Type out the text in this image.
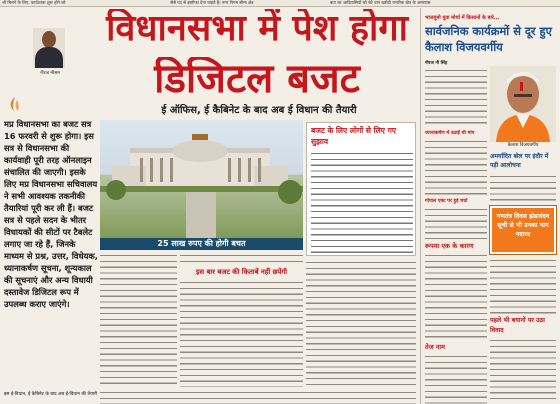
भी मिलने के लिए, कार्यशाला शुरू होने को	जैसे पद से इस्तीफा देना चाहते हैं। नगर निगम सीमा क्षेत्र	बात का आदिवासियों को बेटे धान खरीदी नागरिक खेत के आसपास
नीरज मौसम
विधानसभा में पेश होगा
डिजिटल बजट
ई ऑफिस, ई कैबिनेट के बाद अब ई विधान की तैयारी
मप्र विधानसभा का बजट सत्र 16 फरवरी से शुरू होगा। इस सत्र से विधानसभा की कार्यवाही पूरी तरह ऑनलाइन संचालित की जाएगी। इसके लिए मप्र विधानसभा सचिवालय ने सभी आवश्यक तकनीकी तैयारियां पूरी कर ली हैं। बजट सत्र से पहले सदन के भीतर विधायकों की सीटों पर टैबलेट लगाए जा रहे हैं, जिनके माध्यम से प्रश्न, उत्तर, विधेयक, ध्यानाकर्षण सूचना, शून्यकाल की सूचनाएं और अन्य विधायी दस्तावेज डिजिटल रूप में उपलब्ध कराए जाएंगे।
25 लाख रुपए की होगी बचत
इस बार बजट की किताबें नहीं छपेंगी
बजट के लिए लोगों से लिए गए सुझाव
इस ई-विधान, ई कैबिनेट के बाद अब ई-विधान की तैयारी
भाजयुमो युवा मोर्चा में किसानों के बारे...
सार्वजनिक कार्यक्रमों से दूर हुए कैलाश विजयवर्गीय
नीरज नौ सिंह
कैलाश विजयवर्गीय
ध्यानाकर्षण में उठाई थी मांग
अमर्यादित बोल पर इंदौर में पड़ी आलोचना
गोपाल एक्ट पर हुई चर्चा
गणतंत्र दिवस झंडावंदन सूची से भी उनका नाम नदारद
रूपया एक के कारण
पहले भी बयानों पर उठा विवाद
तेज नाम
